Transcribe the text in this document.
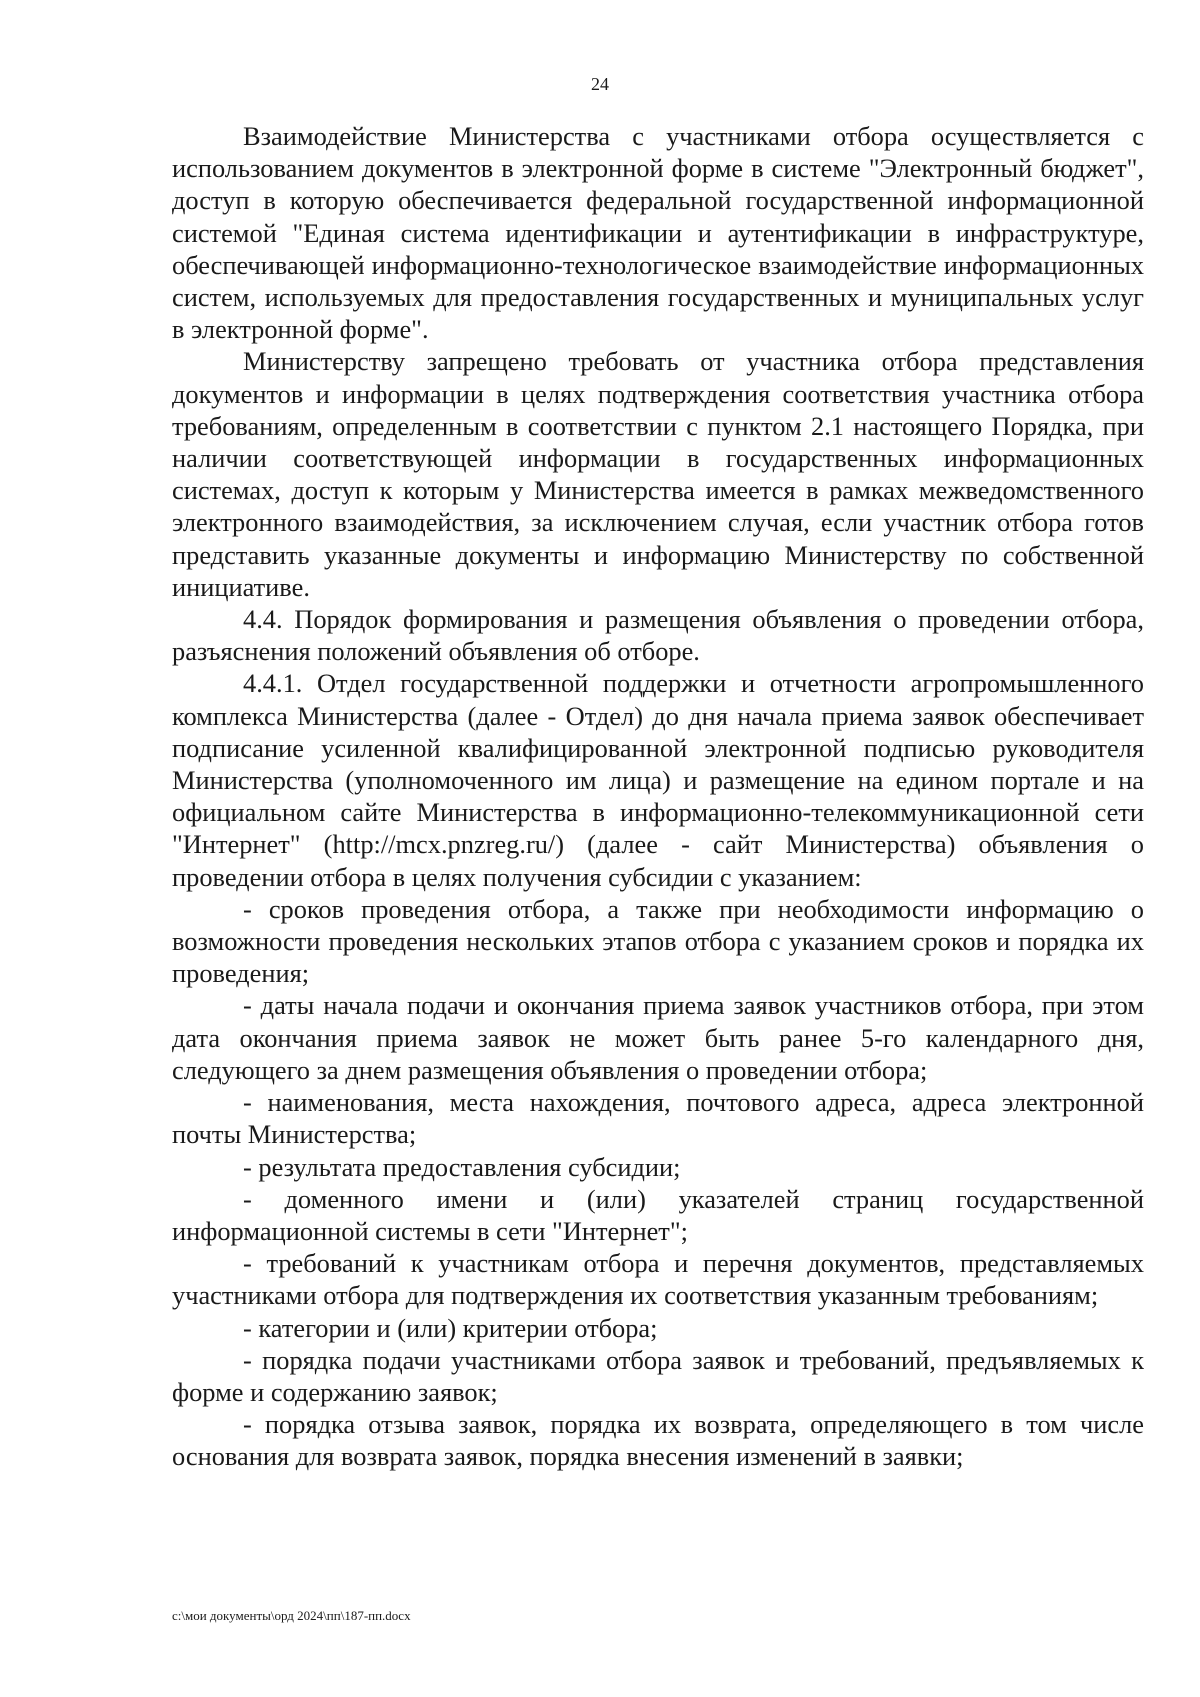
24

Взаимодействие Министерства с участниками отбора осуществляется с использованием документов в электронной форме в системе "Электронный бюджет", доступ в которую обеспечивается федеральной государственной информационной системой "Единая система идентификации и аутентификации в инфраструктуре, обеспечивающей информационно-технологическое взаимодействие информационных систем, используемых для предоставления государственных и муниципальных услуг в электронной форме".

Министерству запрещено требовать от участника отбора представления документов и информации в целях подтверждения соответствия участника отбора требованиям, определенным в соответствии с пунктом 2.1 настоящего Порядка, при наличии соответствующей информации в государственных информационных системах, доступ к которым у Министерства имеется в рамках межведомственного электронного взаимодействия, за исключением случая, если участник отбора готов представить указанные документы и информацию Министерству по собственной инициативе.

4.4. Порядок формирования и размещения объявления о проведении отбора, разъяснения положений объявления об отборе.

4.4.1. Отдел государственной поддержки и отчетности агропромышленного комплекса Министерства (далее - Отдел) до дня начала приема заявок обеспечивает подписание усиленной квалифицированной электронной подписью руководителя Министерства (уполномоченного им лица) и размещение на едином портале и на официальном сайте Министерства в информационно-телекоммуникационной сети "Интернет" (http://mcx.pnzreg.ru/) (далее - сайт Министерства) объявления о проведении отбора в целях получения субсидии с указанием:

- сроков проведения отбора, а также при необходимости информацию о возможности проведения нескольких этапов отбора с указанием сроков и порядка их проведения;

- даты начала подачи и окончания приема заявок участников отбора, при этом дата окончания приема заявок не может быть ранее 5-го календарного дня, следующего за днем размещения объявления о проведении отбора;

- наименования, места нахождения, почтового адреса, адреса электронной почты Министерства;

- результата предоставления субсидии;

- доменного имени и (или) указателей страниц государственной информационной системы в сети "Интернет";

- требований к участникам отбора и перечня документов, представляемых участниками отбора для подтверждения их соответствия указанным требованиям;

- категории и (или) критерии отбора;

- порядка подачи участниками отбора заявок и требований, предъявляемых к форме и содержанию заявок;

- порядка отзыва заявок, порядка их возврата, определяющего в том числе основания для возврата заявок, порядка внесения изменений в заявки;

c:\мои документы\орд 2024\пп\187-пп.docx
